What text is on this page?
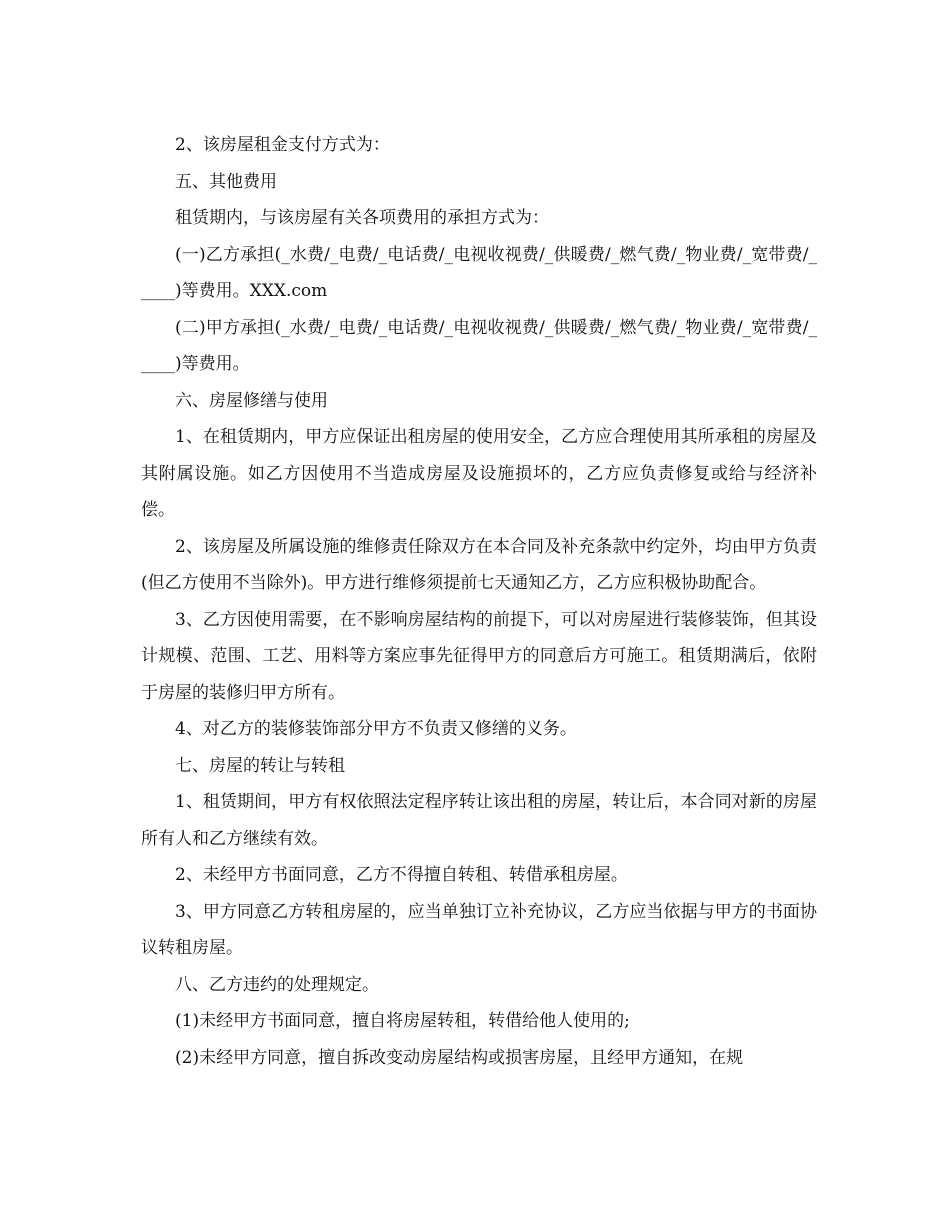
2、该房屋租金支付方式为：

五、其他费用

租赁期内，与该房屋有关各项费用的承担方式为：

(一)乙方承担(_水费/_电费/_电话费/_电视收视费/_供暖费/_燃气费/_物业费/_宽带费/_____)等费用。XXX.com

(二)甲方承担(_水费/_电费/_电话费/_电视收视费/_供暖费/_燃气费/_物业费/_宽带费/_____)等费用。

六、房屋修缮与使用

1、在租赁期内，甲方应保证出租房屋的使用安全，乙方应合理使用其所承租的房屋及其附属设施。如乙方因使用不当造成房屋及设施损坏的，乙方应负责修复或给与经济补偿。

2、该房屋及所属设施的维修责任除双方在本合同及补充条款中约定外，均由甲方负责(但乙方使用不当除外)。甲方进行维修须提前七天通知乙方，乙方应积极协助配合。

3、乙方因使用需要，在不影响房屋结构的前提下，可以对房屋进行装修装饰，但其设计规模、范围、工艺、用料等方案应事先征得甲方的同意后方可施工。租赁期满后，依附于房屋的装修归甲方所有。

4、对乙方的装修装饰部分甲方不负责又修缮的义务。

七、房屋的转让与转租

1、租赁期间，甲方有权依照法定程序转让该出租的房屋，转让后，本合同对新的房屋所有人和乙方继续有效。

2、未经甲方书面同意，乙方不得擅自转租、转借承租房屋。

3、甲方同意乙方转租房屋的，应当单独订立补充协议，乙方应当依据与甲方的书面协议转租房屋。

八、乙方违约的处理规定。

(1)未经甲方书面同意，擅自将房屋转租，转借给他人使用的;

(2)未经甲方同意，擅自拆改变动房屋结构或损害房屋，且经甲方通知，在规
